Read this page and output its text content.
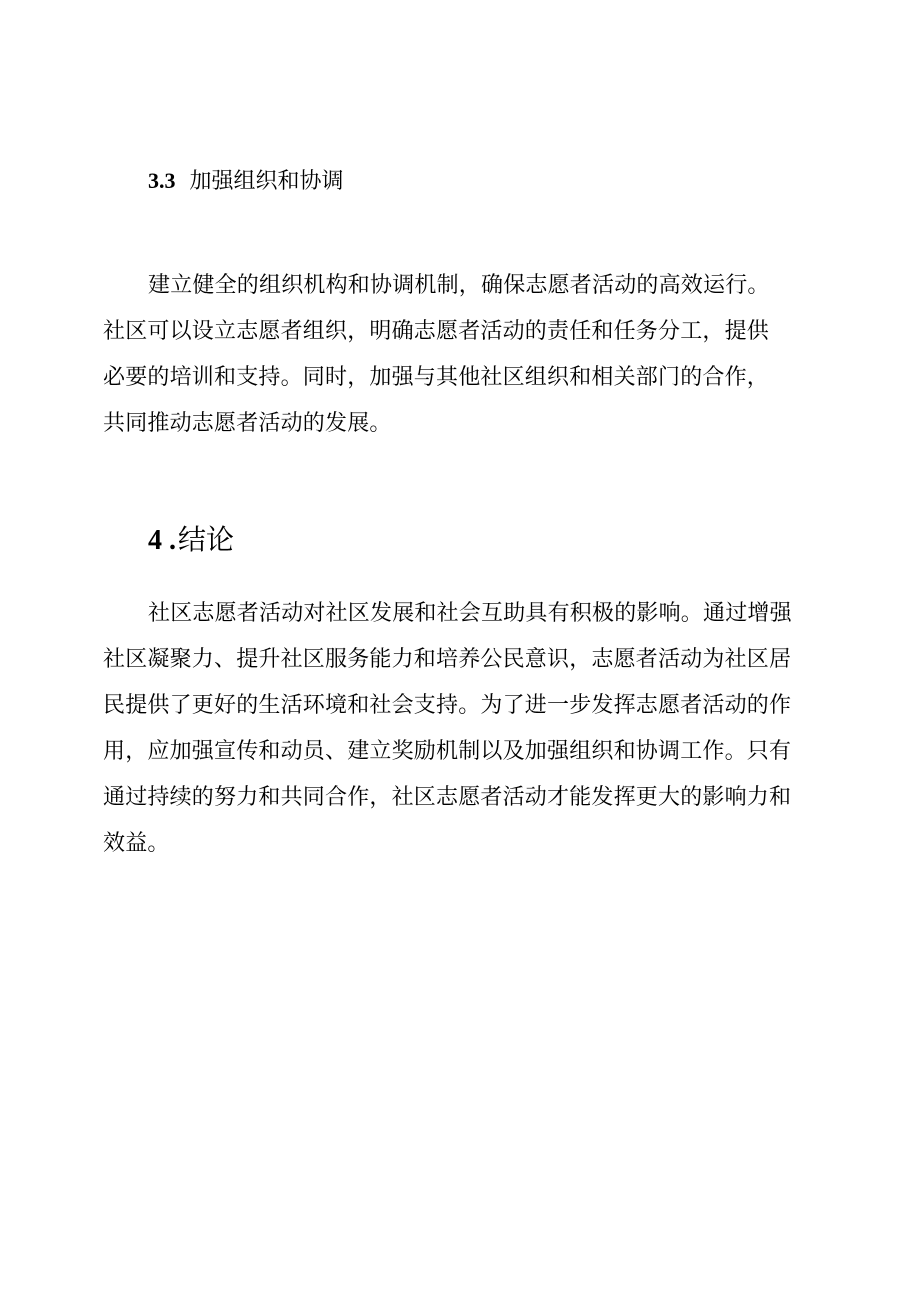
3.3 加强组织和协调

建立健全的组织机构和协调机制，确保志愿者活动的高效运行。
社区可以设立志愿者组织，明确志愿者活动的责任和任务分工，提供
必要的培训和支持。同时，加强与其他社区组织和相关部门的合作，
共同推动志愿者活动的发展。

4 .结论

社区志愿者活动对社区发展和社会互助具有积极的影响。通过增强
社区凝聚力、提升社区服务能力和培养公民意识，志愿者活动为社区居
民提供了更好的生活环境和社会支持。为了进一步发挥志愿者活动的作
用，应加强宣传和动员、建立奖励机制以及加强组织和协调工作。只有
通过持续的努力和共同合作，社区志愿者活动才能发挥更大的影响力和
效益。
